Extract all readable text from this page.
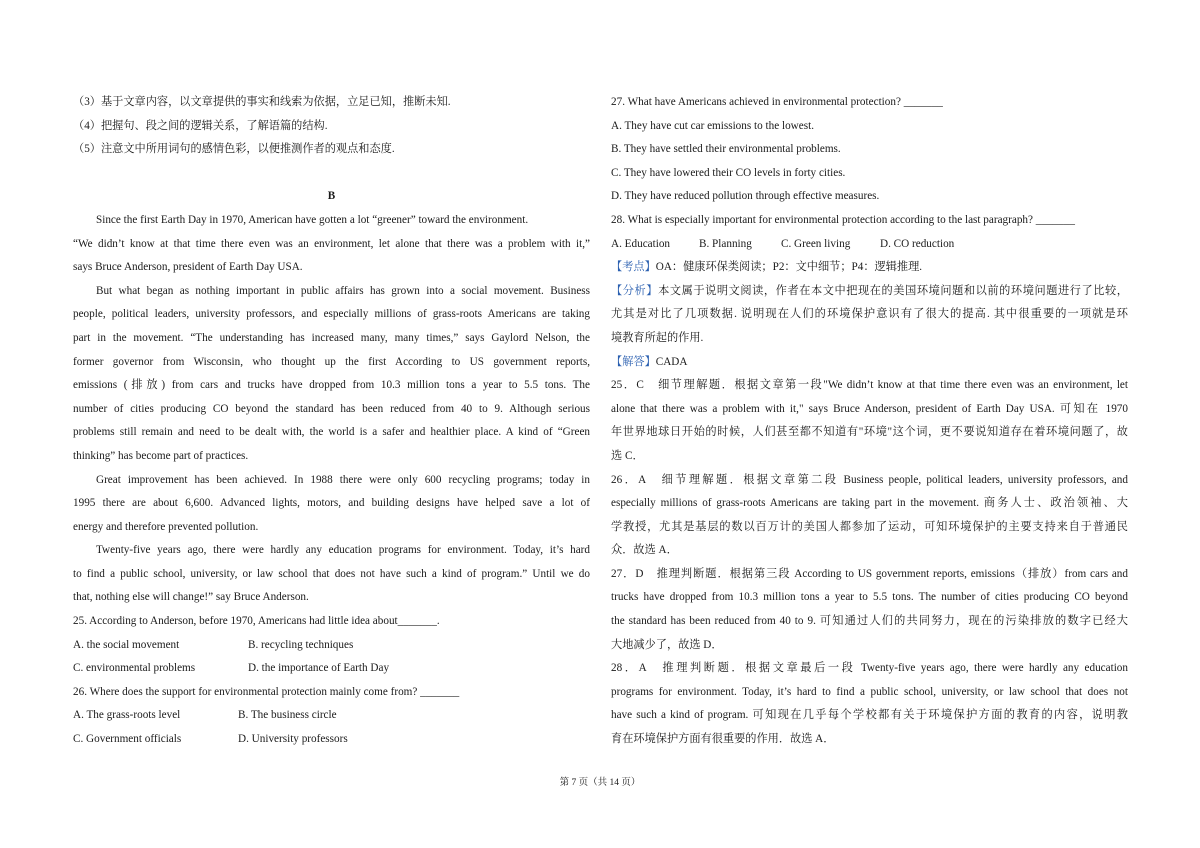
（3）基于文章内容，以文章提供的事实和线索为依据，立足已知，推断未知.

（4）把握句、段之间的逻辑关系，了解语篇的结构.

（5）注意文中所用词句的感情色彩，以便推测作者的观点和态度.

B

Since the first Earth Day in 1970, American have gotten a lot “greener” toward the environment.

“We didn’t know at that time there even was an environment, let alone that there was a problem with it,”

says Bruce Anderson, president of Earth Day USA.

But what began as nothing important in public affairs has grown into a social movement. Business

people, political leaders, university professors, and especially millions of grass-roots Americans are taking

part in the movement. “The understanding has increased many, many times,” says Gaylord Nelson, the

former governor from Wisconsin, who thought up the first According to US government reports,

emissions (排放) from cars and trucks have dropped from 10.3 million tons a year to 5.5 tons. The

number of cities producing CO beyond the standard has been reduced from 40 to 9. Although serious

problems still remain and need to be dealt with, the world is a safer and healthier place. A kind of “Green

thinking” has become part of practices.

Great improvement has been achieved. In 1988 there were only 600 recycling programs; today in

1995 there are about 6,600. Advanced lights, motors, and building designs have helped save a lot of

energy and therefore prevented pollution.

Twenty-five years ago, there were hardly any education programs for environment. Today, it’s hard

to find a public school, university, or law school that does not have such a kind of program.” Until we do

that, nothing else will change!” say Bruce Anderson.

25. According to Anderson, before 1970, Americans had little idea about_______.

A. the social movement	B. recycling techniques

C. environmental problems	D. the importance of Earth Day

26. Where does the support for environmental protection mainly come from? _______

A. The grass-roots level	B. The business circle

C. Government officials	D. University professors

27. What have Americans achieved in environmental protection? _______

A. They have cut car emissions to the lowest.

B. They have settled their environmental problems.

C. They have lowered their CO levels in forty cities.

D. They have reduced pollution through effective measures.

28. What is especially important for environmental protection according to the last paragraph? _______

A. Education	B. Planning	C. Green living	D. CO reduction

【考点】OA：健康环保类阅读；P2：文中细节；P4：逻辑推理.

【分析】本文属于说明文阅读，作者在本文中把现在的美国环境问题和以前的环境问题进行了比较，

尤其是对比了几项数据. 说明现在人们的环境保护意识有了很大的提高. 其中很重要的一项就是环

境教育所起的作用.

【解答】CADA

25．C　细节理解题．根据文章第一段"We didn’t know at that time there even was an environment, let

alone that there was a problem with it," says Bruce Anderson, president of Earth Day USA. 可知在 1970

年世界地球日开始的时候，人们甚至都不知道有"环境"这个词，更不要说知道存在着环境问题了，故

选 C．

26．A　细节理解题．根据文章第二段 Business people, political leaders, university professors, and

especially millions of grass-roots Americans are taking part in the movement. 商务人士、政治领袖、大

学教授，尤其是基层的数以百万计的美国人都参加了运动，可知环境保护的主要支持来自于普通民

众．故选 A．

27．D　推理判断题．根据第三段 According to US government reports, emissions（排放）from cars and

trucks have dropped from 10.3 million tons a year to 5.5 tons. The number of cities producing CO beyond

the standard has been reduced from 40 to 9. 可知通过人们的共同努力，现在的污染排放的数字已经大

大地减少了，故选 D．

28．A　推理判断题．根据文章最后一段 Twenty-five years ago, there were hardly any education

programs for environment. Today, it’s hard to find a public school, university, or law school that does not

have such a kind of program. 可知现在几乎每个学校都有关于环境保护方面的教育的内容，说明教

育在环境保护方面有很重要的作用．故选 A．

第 7 页（共 14 页）
